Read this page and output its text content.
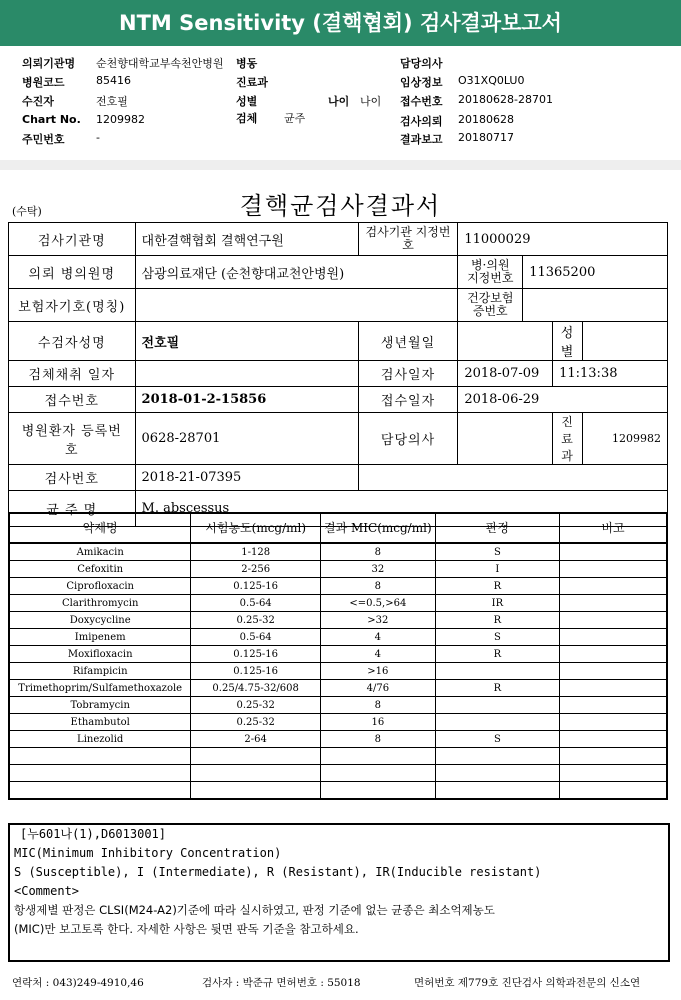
NTM Sensitivity (결핵협회) 검사결과보고서
의뢰기관명 순천향대학교부속천안병원 병동	담당의사
병원코드	85416	진료과	임상정보 O31XQ0LU0
수진자	전호필	성별	나이 나이 접수번호 20180628-28701
Chart No. 1209982	검체 균주	검사의뢰 20180628
주민번호	-	결과보고 20180717
결핵균검사결과서
(수탁)
검사기관명	대한결핵협회 결핵연구원	검사기관 지정번호	11000029			
의뢰 병의원명	삼광의료재단 (순천향대교천안병원)		병·의원 지정번호	11365200		
보험자기호(명칭)			건강보험 증번호			
수검자성명	전호필	생년월일			성별	
검체채취 일자		검사일자	2018-07-09		11:13:38	
접수번호	2018-01-2-15856	접수일자	2018-06-29			
병원환자 등록번호	0628-28701	담당의사			진료과	1209982
검사번호	2018-21-07395					
균 주 명	M. abscessus					
약제명	시험농도(mcg/ml)	결과 MIC(mcg/ml)	판정	비고
Amikacin	1-128	8	S	
Cefoxitin	2-256	32	I	
Ciprofloxacin	0.125-16	8	R	
Clarithromycin	0.5-64	<=0.5,>64	IR	
Doxycycline	0.25-32	>32	R	
Imipenem	0.5-64	4	S	
Moxifloxacin	0.125-16	4	R	
Rifampicin	0.125-16	>16		
Trimethoprim/Sulfamethoxazole	0.25/4.75-32/608	4/76	R	
Tobramycin	0.25-32	8		
Ethambutol	0.25-32	16		
Linezolid	2-64	8	S	

[누601나(1),D6013001]
MIC(Minimum Inhibitory Concentration)
S (Susceptible), I (Intermediate), R (Resistant), IR(Inducible resistant)
<Comment>
항생제별 판정은 CLSI(M24-A2)기준에 따라 실시하였고, 판정 기준에 없는 균종은 최소억제농도
(MIC)만 보고토록 한다. 자세한 사항은 뒷면 판독 기준을 참고하세요.
연락처 : 043)249-4910,46	검사자 : 박준규 면허번호 : 55018	면허번호 제779호 진단검사 의학과전문의 신소연
